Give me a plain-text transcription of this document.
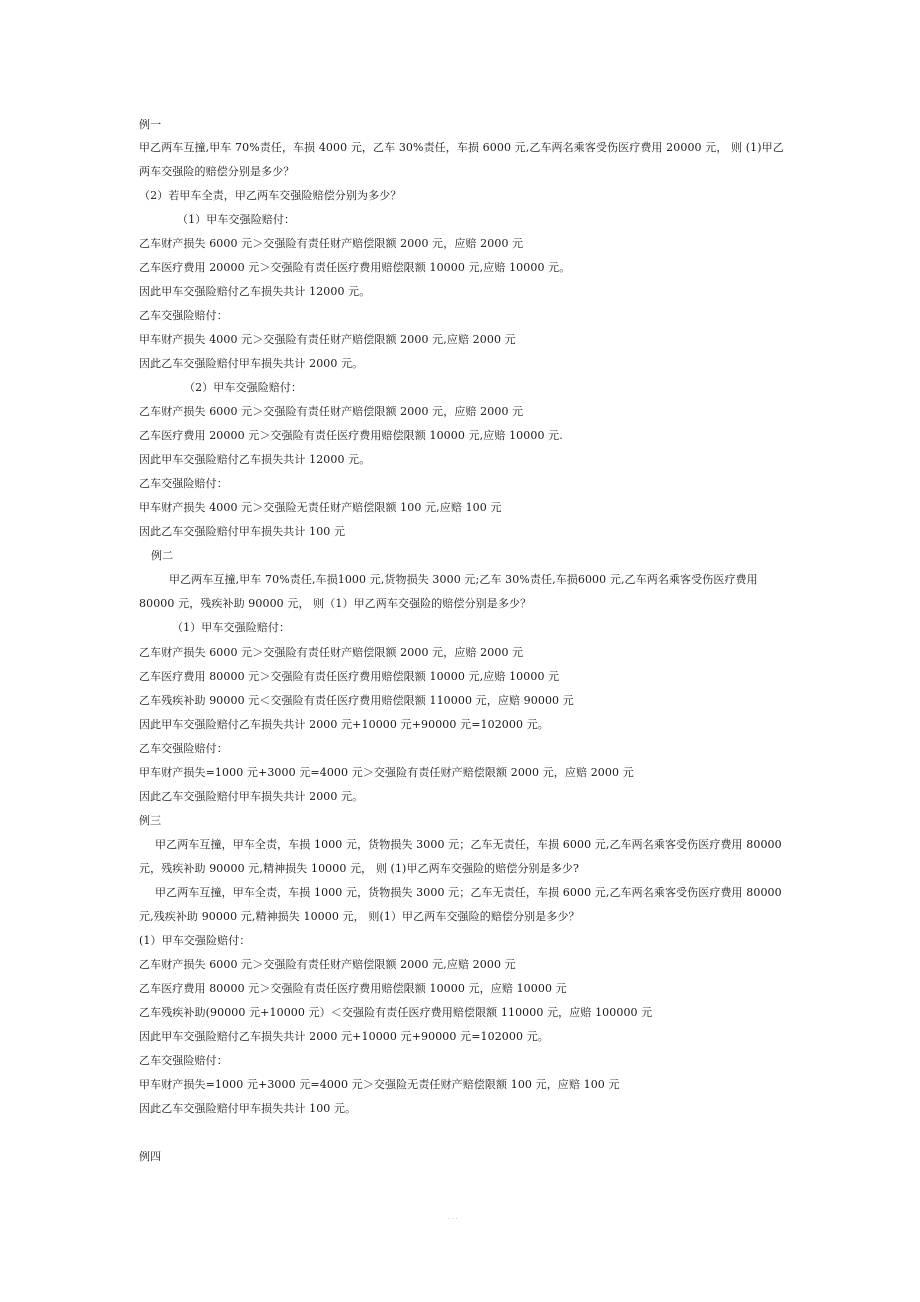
例一
甲乙两车互撞,甲车 70%责任，车损 4000 元，乙车 30%责任，车损 6000 元,乙车两名乘客受伤医疗费用 20000 元， 则 (1)甲乙两车交强险的赔偿分别是多少？
（2）若甲车全责，甲乙两车交强险赔偿分别为多少？
（1）甲车交强险赔付：
乙车财产损失 6000 元＞交强险有责任财产赔偿限额 2000 元，应赔 2000 元
乙车医疗费用 20000 元＞交强险有责任医疗费用赔偿限额 10000 元,应赔 10000 元。
因此甲车交强险赔付乙车损失共计 12000 元。
乙车交强险赔付：
甲车财产损失 4000 元＞交强险有责任财产赔偿限额 2000 元,应赔 2000 元
因此乙车交强险赔付甲车损失共计 2000 元。
（2）甲车交强险赔付：
乙车财产损失 6000 元＞交强险有责任财产赔偿限额 2000 元，应赔 2000 元
乙车医疗费用 20000 元＞交强险有责任医疗费用赔偿限额 10000 元,应赔 10000 元.
因此甲车交强险赔付乙车损失共计 12000 元。
乙车交强险赔付：
甲车财产损失 4000 元＞交强险无责任财产赔偿限额 100 元,应赔 100 元
因此乙车交强险赔付甲车损失共计 100 元
例二
甲乙两车互撞,甲车 70%责任,车损1000 元,货物损失 3000 元;乙车 30%责任,车损6000 元,乙车两名乘客受伤医疗费用 80000 元，残疾补助 90000 元， 则（1）甲乙两车交强险的赔偿分别是多少？
（1）甲车交强险赔付：
乙车财产损失 6000 元＞交强险有责任财产赔偿限额 2000 元，应赔 2000 元
乙车医疗费用 80000 元＞交强险有责任医疗费用赔偿限额 10000 元,应赔 10000 元
乙车残疾补助 90000 元＜交强险有责任医疗费用赔偿限额 110000 元，应赔 90000 元
因此甲车交强险赔付乙车损失共计 2000 元+10000 元+90000 元=102000 元。
乙车交强险赔付：
甲车财产损失=1000 元+3000 元=4000 元＞交强险有责任财产赔偿限额 2000 元，应赔 2000 元
因此乙车交强险赔付甲车损失共计 2000 元。
例三
甲乙两车互撞，甲车全责，车损 1000 元，货物损失 3000 元；乙车无责任，车损 6000 元,乙车两名乘客受伤医疗费用 80000 元，残疾补助 90000 元,精神损失 10000 元， 则 (1)甲乙两车交强险的赔偿分别是多少?
甲乙两车互撞，甲车全责，车损 1000 元，货物损失 3000 元；乙车无责任，车损 6000 元,乙车两名乘客受伤医疗费用 80000 元,残疾补助 90000 元,精神损失 10000 元， 则(1）甲乙两车交强险的赔偿分别是多少？
(1）甲车交强险赔付：
乙车财产损失 6000 元＞交强险有责任财产赔偿限额 2000 元,应赔 2000 元
乙车医疗费用 80000 元＞交强险有责任医疗费用赔偿限额 10000 元，应赔 10000 元
乙车残疾补助(90000 元+10000 元）＜交强险有责任医疗费用赔偿限额 110000 元，应赔 100000 元
因此甲车交强险赔付乙车损失共计 2000 元+10000 元+90000 元=102000 元。
乙车交强险赔付：
甲车财产损失=1000 元+3000 元=4000 元＞交强险无责任财产赔偿限额 100 元，应赔 100 元
因此乙车交强险赔付甲车损失共计 100 元。
例四
· · ·
